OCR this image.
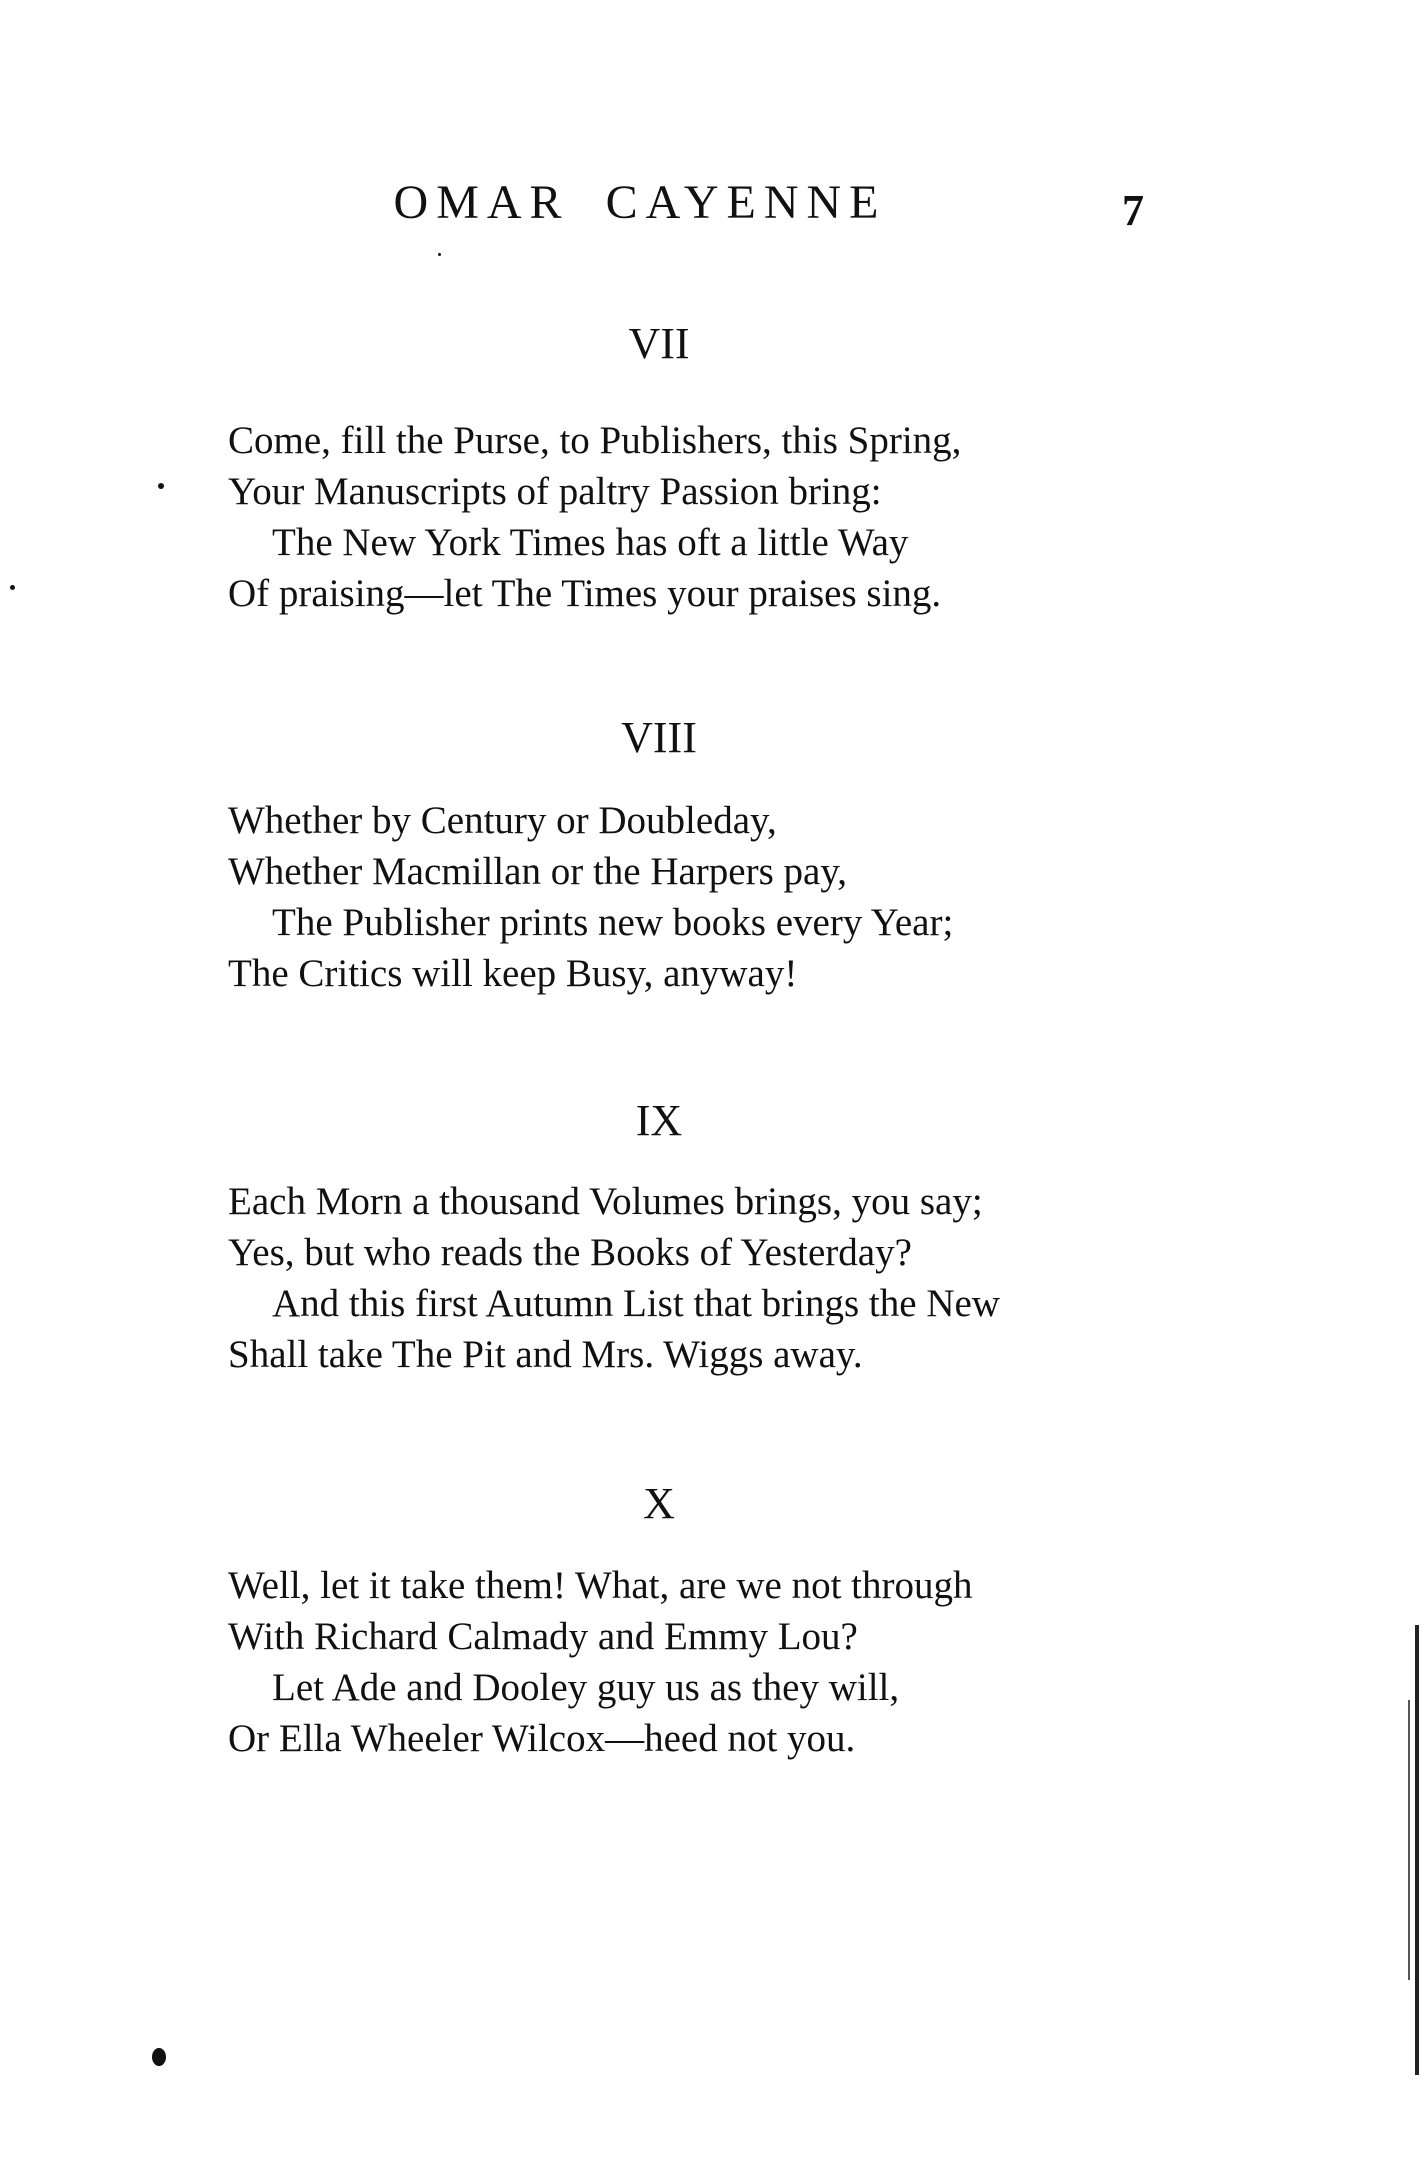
OMAR CAYENNE	7
VII
Come, fill the Purse, to Publishers, this Spring,
Your Manuscripts of paltry Passion bring:
The New York Times has oft a little Way
Of praising—let The Times your praises sing.
VIII
Whether by Century or Doubleday,
Whether Macmillan or the Harpers pay,
The Publisher prints new books every Year;
The Critics will keep Busy, anyway!
IX
Each Morn a thousand Volumes brings, you say;
Yes, but who reads the Books of Yesterday?
And this first Autumn List that brings the New
Shall take The Pit and Mrs. Wiggs away.
X
Well, let it take them! What, are we not through
With Richard Calmady and Emmy Lou?
Let Ade and Dooley guy us as they will,
Or Ella Wheeler Wilcox—heed not you.
